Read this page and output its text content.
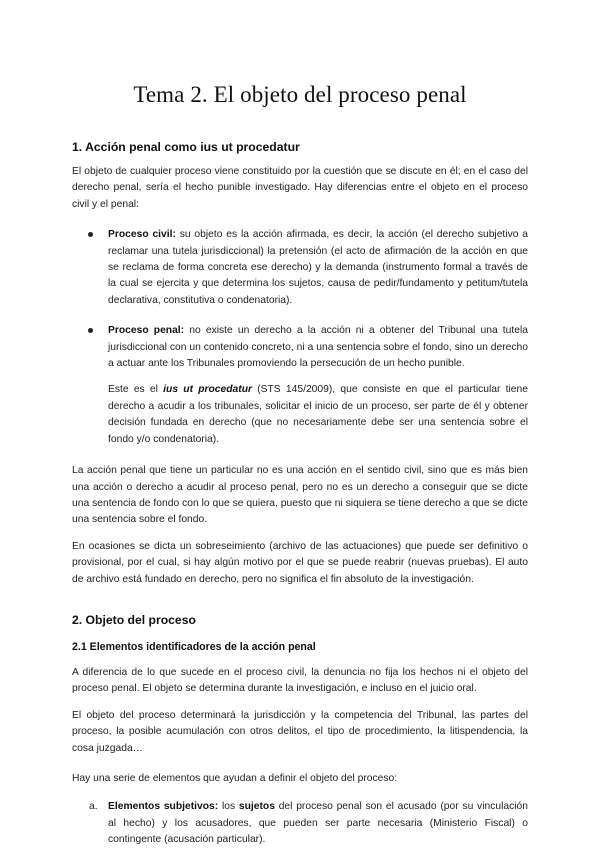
Tema 2. El objeto del proceso penal
1. Acción penal como ius ut procedatur

El objeto de cualquier proceso viene constituido por la cuestión que se discute en él; en el caso del derecho penal, sería el hecho punible investigado. Hay diferencias entre el objeto en el proceso civil y el penal:

Proceso civil: su objeto es la acción afirmada, es decir, la acción (el derecho subjetivo a reclamar una tutela jurisdiccional) la pretensión (el acto de afirmación de la acción en que se reclama de forma concreta ese derecho) y la demanda (instrumento formal a través de la cual se ejercita y que determina los sujetos, causa de pedir/fundamento y petitum/tutela declarativa, constitutiva o condenatoria).

Proceso penal: no existe un derecho a la acción ni a obtener del Tribunal una tutela jurisdiccional con un contenido concreto, ni a una sentencia sobre el fondo, sino un derecho a actuar ante los Tribunales promoviendo la persecución de un hecho punible.

Este es el ius ut procedatur (STS 145/2009), que consiste en que el particular tiene derecho a acudir a los tribunales, solicitar el inicio de un proceso, ser parte de él y obtener decisión fundada en derecho (que no necesariamente debe ser una sentencia sobre el fondo y/o condenatoria).

La acción penal que tiene un particular no es una acción en el sentido civil, sino que es más bien una acción o derecho a acudir al proceso penal, pero no es un derecho a conseguir que se dicte una sentencia de fondo con lo que se quiera, puesto que ni siquiera se tiene derecho a que se dicte una sentencia sobre el fondo.

En ocasiones se dicta un sobreseimiento (archivo de las actuaciones) que puede ser definitivo o provisional, por el cual, si hay algún motivo por el que se puede reabrir (nuevas pruebas). El auto de archivo está fundado en derecho, pero no significa el fin absoluto de la investigación.

2. Objeto del proceso
2.1 Elementos identificadores de la acción penal

A diferencia de lo que sucede en el proceso civil, la denuncia no fija los hechos ni el objeto del proceso penal. El objeto se determina durante la investigación, e incluso en el juicio oral.

El objeto del proceso determinará la jurisdicción y la competencia del Tribunal, las partes del proceso, la posible acumulación con otros delitos, el tipo de procedimiento, la litispendencia, la cosa juzgada…

Hay una serie de elementos que ayudan a definir el objeto del proceso:

a. Elementos subjetivos: los sujetos del proceso penal son el acusado (por su vinculación al hecho) y los acusadores, que pueden ser parte necesaria (Ministerio Fiscal) o contingente (acusación particular).
